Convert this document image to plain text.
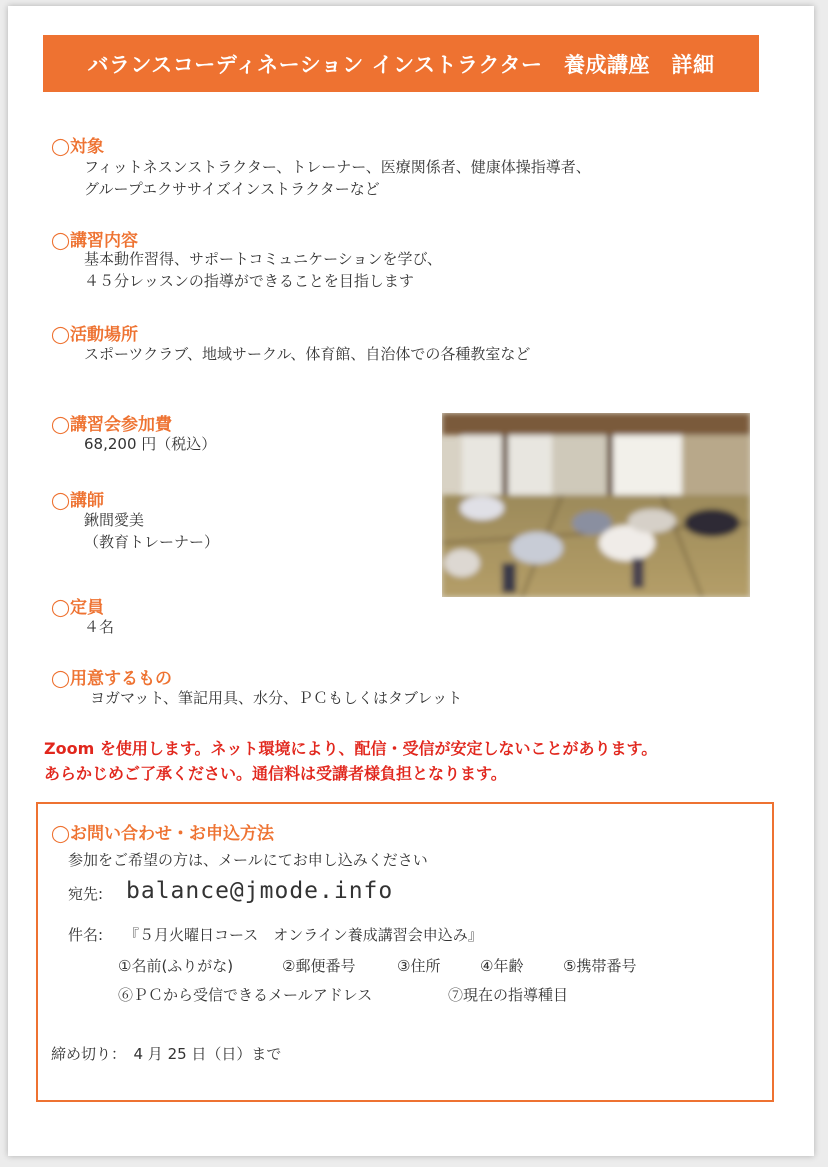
バランスコーディネーション インストラクター　養成講座　詳細
◯対象
フィットネスンストラクター、トレーナー、医療関係者、健康体操指導者、
グループエクササイズインストラクターなど
◯講習内容
基本動作習得、サポートコミュニケーションを学び、
４５分レッスンの指導ができることを目指します
◯活動場所
スポーツクラブ、地域サークル、体育館、自治体での各種教室など
◯講習会参加費
68,200 円（税込）
◯講師
鍬間愛美
（教育トレーナー）
◯定員
４名
◯用意するもの
ヨガマット、筆記用具、水分、ＰＣもしくはタブレット
Zoom を使用します。ネット環境により、配信・受信が安定しないことがあります。
あらかじめご了承ください。通信料は受講者様負担となります。
◯お問い合わせ・お申込方法
参加をご希望の方は、メールにてお申し込みください
宛先: balance@jmode.info
件名: 『５月火曜日コース　オンライン養成講習会申込み』
①名前(ふりがな)	②郵便番号	③住所	④年齢	⑤携帯番号
⑥ＰＣから受信できるメールアドレス	⑦現在の指導種目
締め切り：　4 月 25 日（日）まで
